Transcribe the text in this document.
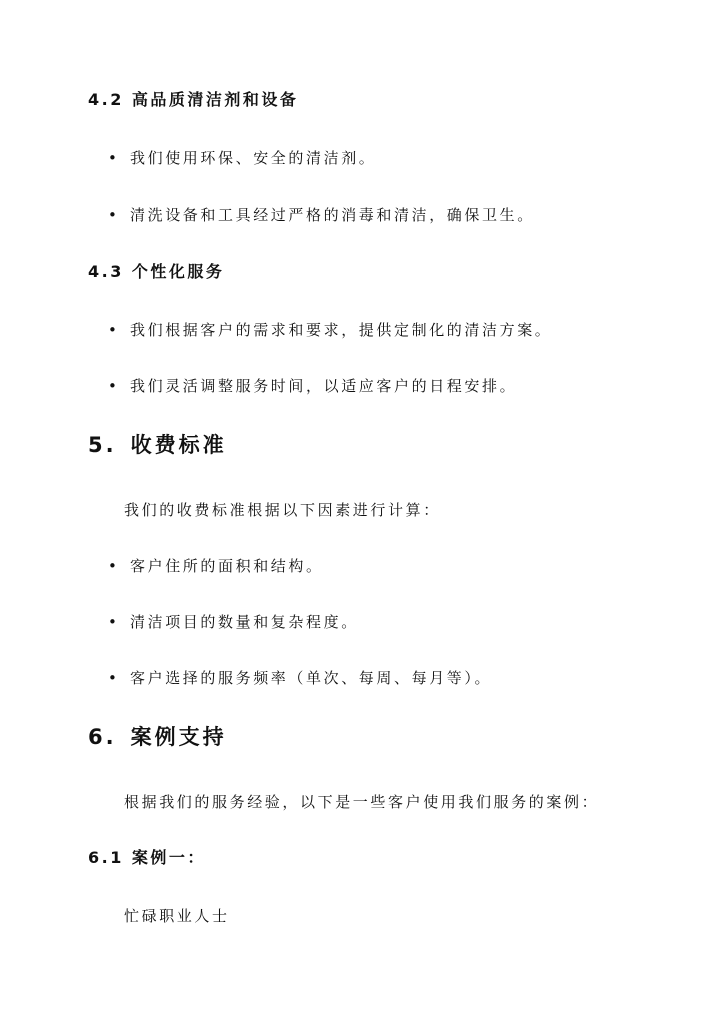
4.2 高品质清洁剂和设备
• 我们使用环保、安全的清洁剂。
• 清洗设备和工具经过严格的消毒和清洁，确保卫生。
4.3 个性化服务
• 我们根据客户的需求和要求，提供定制化的清洁方案。
• 我们灵活调整服务时间，以适应客户的日程安排。
5. 收费标准
我们的收费标准根据以下因素进行计算：
• 客户住所的面积和结构。
• 清洁项目的数量和复杂程度。
• 客户选择的服务频率（单次、每周、每月等）。
6. 案例支持
根据我们的服务经验，以下是一些客户使用我们服务的案例：
6.1 案例一：
忙碌职业人士
